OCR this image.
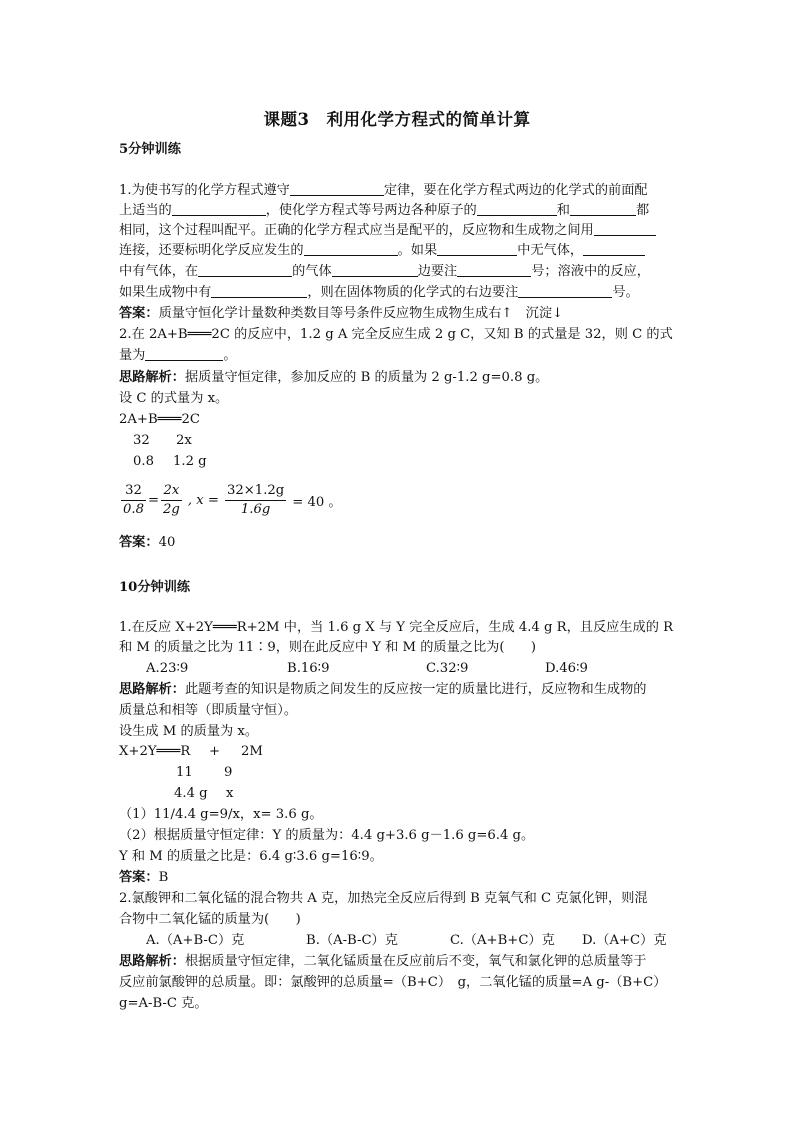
课题3　利用化学方程式的简单计算
5分钟训练
1.为使书写的化学方程式遵守	定律，要在化学方程式两边的化学式的前面配
上适当的	，使化学方程式等号两边各种原子的	和	都
相同，这个过程叫配平。正确的化学方程式应当是配平的，反应物和生成物之间用
连接，还要标明化学反应发生的	。如果	中无气体，
中有气体，在	的气体	边要注	号；溶液中的反应，
如果生成物中有	，则在固体物质的化学式的右边要注	号。
答案：质量守恒化学计量数种类数目等号条件反应物生成物生成右↑　沉淀↓
2.在 2A+B═══2C 的反应中，1.2 g A 完全反应生成 2 g C，又知 B 的式量是 32，则 C 的式
量为	。
思路解析：据质量守恒定律，参加反应的 B 的质量为 2 g-1.2 g=0.8 g。
设 C 的式量为 x。
2A+B═══2C
32 2x
0.8 1.2 g
$\frac{32}{0.8} = \frac{2x}{2g}$ , $x = \frac{32\times 1.2g}{1.6g} = 40$ 。
答案：40
10分钟训练
1.在反应 X+2Y═══R+2M 中，当 1.6 g X 与 Y 完全反应后，生成 4.4 g R，且反应生成的 R
和 M 的质量之比为 11∶9，则在此反应中 Y 和 M 的质量之比为(　　)
A.23∶9	B.16∶9	C.32∶9	D.46∶9
思路解析：此题考查的知识是物质之间发生的反应按一定的质量比进行，反应物和生成物的
质量总和相等（即质量守恒）。
设生成 M 的质量为 x。
X+2Y═══R + 2M
11 9
4.4 g x
（1）11/4.4 g=9/x，x= 3.6 g。
（2）根据质量守恒定律：Y 的质量为：4.4 g+3.6 g－1.6 g=6.4 g。
Y 和 M 的质量之比是：6.4 g∶3.6 g=16∶9。
答案：B
2.氯酸钾和二氧化锰的混合物共 A 克，加热完全反应后得到 B 克氧气和 C 克氯化钾，则混
合物中二氧化锰的质量为(　　)
A.（A+B-C）克	B.（A-B-C）克	C.（A+B+C）克 D.（A+C）克
思路解析：根据质量守恒定律，二氧化锰质量在反应前后不变，氧气和氯化钾的总质量等于
反应前氯酸钾的总质量。即：氯酸钾的总质量=（B+C）　g，二氧化锰的质量=A g-（B+C）
g=A-B-C 克。
